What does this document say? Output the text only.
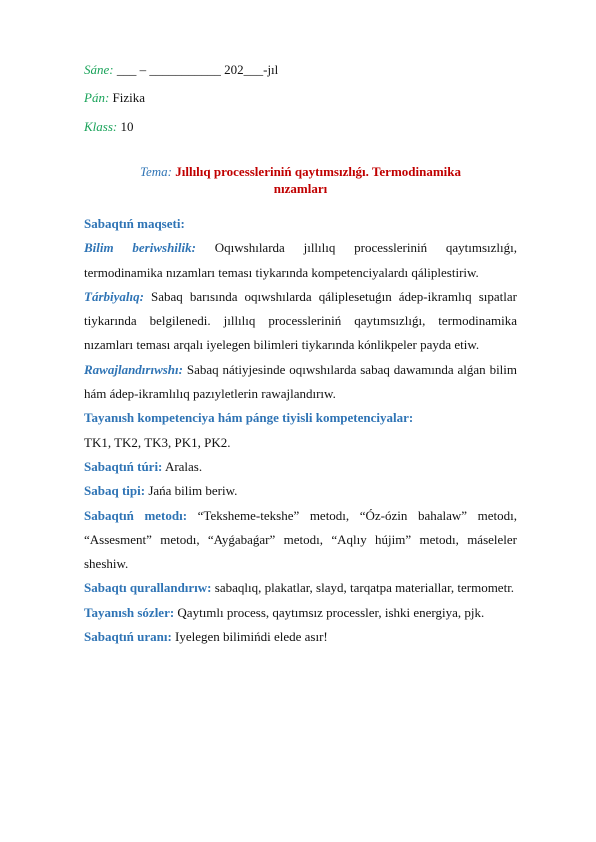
Sáne: ___ – ___________ 202___-jıl
Pán: Fizika
Klass: 10
Tema: Jıllılıq processleriniń qaytımsızlıǵı. Termodinamika
nızamları
Sabaqtıń maqseti:
Bilim beriwshilik: Oqıwshılarda jıllılıq processleriniń qaytımsızlıǵı, termodinamika nızamları teması tiykarında kompetenciyalardı qáliplestiriw.
Tárbiyalıq: Sabaq barısında oqıwshılarda qáliplesetuǵın ádep-ikramlıq sıpatlar tiykarında belgilenedi. jıllılıq processleriniń qaytımsızlıǵı, termodinamika nızamları teması arqalı iyelegen bilimleri tiykarında kónlikpeler payda etiw.
Rawajlandırıwshı: Sabaq nátiyjesinde oqıwshılarda sabaq dawamında alǵan bilim hám ádep-ikramlılıq pazıyletlerin rawajlandırıw.
Tayanısh kompetenciya hám pánge tiyisli kompetenciyalar:
TK1, TK2, TK3, PK1, PK2.
Sabaqtıń túri: Aralas.
Sabaq tipi: Jańa bilim beriw.
Sabaqtıń metodı: “Teksheme-tekshe” metodı, “Óz-ózin bahalaw” metodı, “Assesment” metodı, “Ayǵabaǵar” metodı, “Aqlıy hújim” metodı, máseleler sheshiw.
Sabaqtı qurallandırıw: sabaqlıq, plakatlar, slayd, tarqatpa materiallar, termometr.
Tayanısh sózler: Qaytımlı process, qaytımsız processler, ishki energiya, pjk.
Sabaqtıń uranı: Iyelegen bilimińdi elede asır!
